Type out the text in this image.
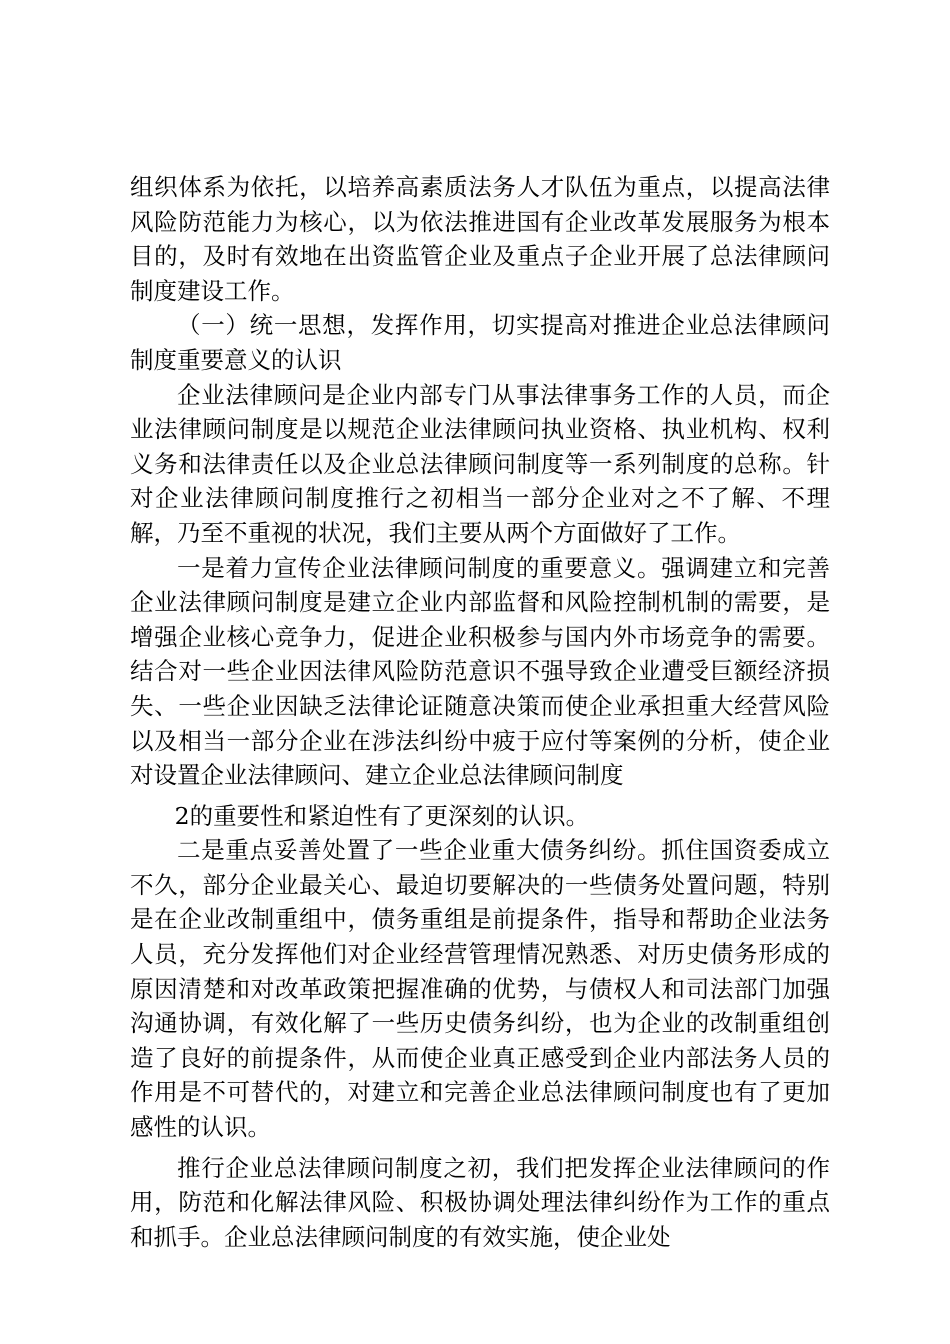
组织体系为依托，以培养高素质法务人才队伍为重点，以提高法律风险防范能力为核心，以为依法推进国有企业改革发展服务为根本目的，及时有效地在出资监管企业及重点子企业开展了总法律顾问制度建设工作。

（一）统一思想，发挥作用，切实提高对推进企业总法律顾问制度重要意义的认识

企业法律顾问是企业内部专门从事法律事务工作的人员，而企业法律顾问制度是以规范企业法律顾问执业资格、执业机构、权利义务和法律责任以及企业总法律顾问制度等一系列制度的总称。针对企业法律顾问制度推行之初相当一部分企业对之不了解、不理解，乃至不重视的状况，我们主要从两个方面做好了工作。

一是着力宣传企业法律顾问制度的重要意义。强调建立和完善企业法律顾问制度是建立企业内部监督和风险控制机制的需要，是增强企业核心竞争力，促进企业积极参与国内外市场竞争的需要。结合对一些企业因法律风险防范意识不强导致企业遭受巨额经济损失、一些企业因缺乏法律论证随意决策而使企业承担重大经营风险以及相当一部分企业在涉法纠纷中疲于应付等案例的分析，使企业对设置企业法律顾问、建立企业总法律顾问制度

2的重要性和紧迫性有了更深刻的认识。

二是重点妥善处置了一些企业重大债务纠纷。抓住国资委成立不久，部分企业最关心、最迫切要解决的一些债务处置问题，特别是在企业改制重组中，债务重组是前提条件，指导和帮助企业法务人员，充分发挥他们对企业经营管理情况熟悉、对历史债务形成的原因清楚和对改革政策把握准确的优势，与债权人和司法部门加强沟通协调，有效化解了一些历史债务纠纷，也为企业的改制重组创造了良好的前提条件，从而使企业真正感受到企业内部法务人员的作用是不可替代的，对建立和完善企业总法律顾问制度也有了更加感性的认识。

推行企业总法律顾问制度之初，我们把发挥企业法律顾问的作用，防范和化解法律风险、积极协调处理法律纠纷作为工作的重点和抓手。企业总法律顾问制度的有效实施，使企业处
